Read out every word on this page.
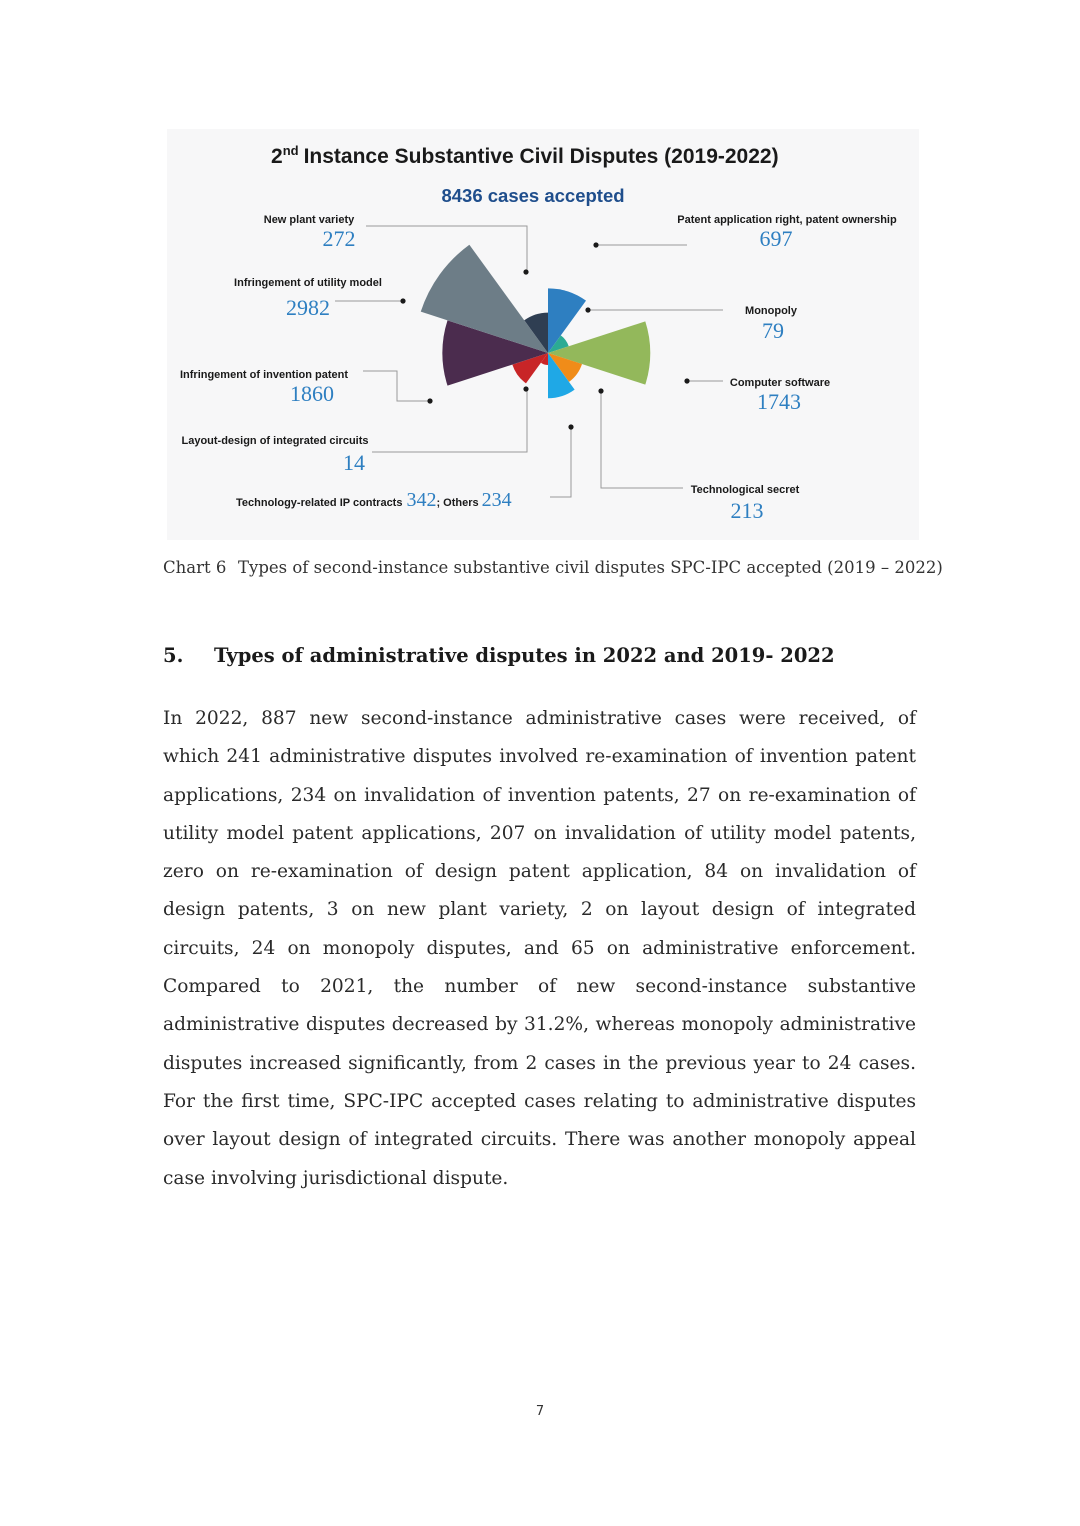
2nd Instance Substantive Civil Disputes (2019-2022)
8436 cases accepted
New plant variety	Patent application right, patent ownership
Infringement of utility model
Monopoly
Infringement of invention patent
Computer software
Layout-design of integrated circuits
Technological secret
272	697
2982
79
1860	1743
14
213
Technology-related IP contracts 342; Others 234
Chart 6 Types of second-instance substantive civil disputes SPC-IPC accepted (2019 – 2022)
5. Types of administrative disputes in 2022 and 2019- 2022

In 2022, 887 new second-instance administrative cases were received, of which 241 administrative disputes involved re-examination of invention patent applications, 234 on invalidation of invention patents, 27 on re-examination of utility model patent applications, 207 on invalidation of utility model patents, zero on re-examination of design patent application, 84 on invalidation of design patents, 3 on new plant variety, 2 on layout design of integrated circuits, 24 on monopoly disputes, and 65 on administrative enforcement. Compared to 2021, the number of new second-instance substantive administrative disputes decreased by 31.2%, whereas monopoly administrative disputes increased significantly, from 2 cases in the previous year to 24 cases. For the first time, SPC-IPC accepted cases relating to administrative disputes over layout design of integrated circuits. There was another monopoly appeal case involving jurisdictional dispute.

7
